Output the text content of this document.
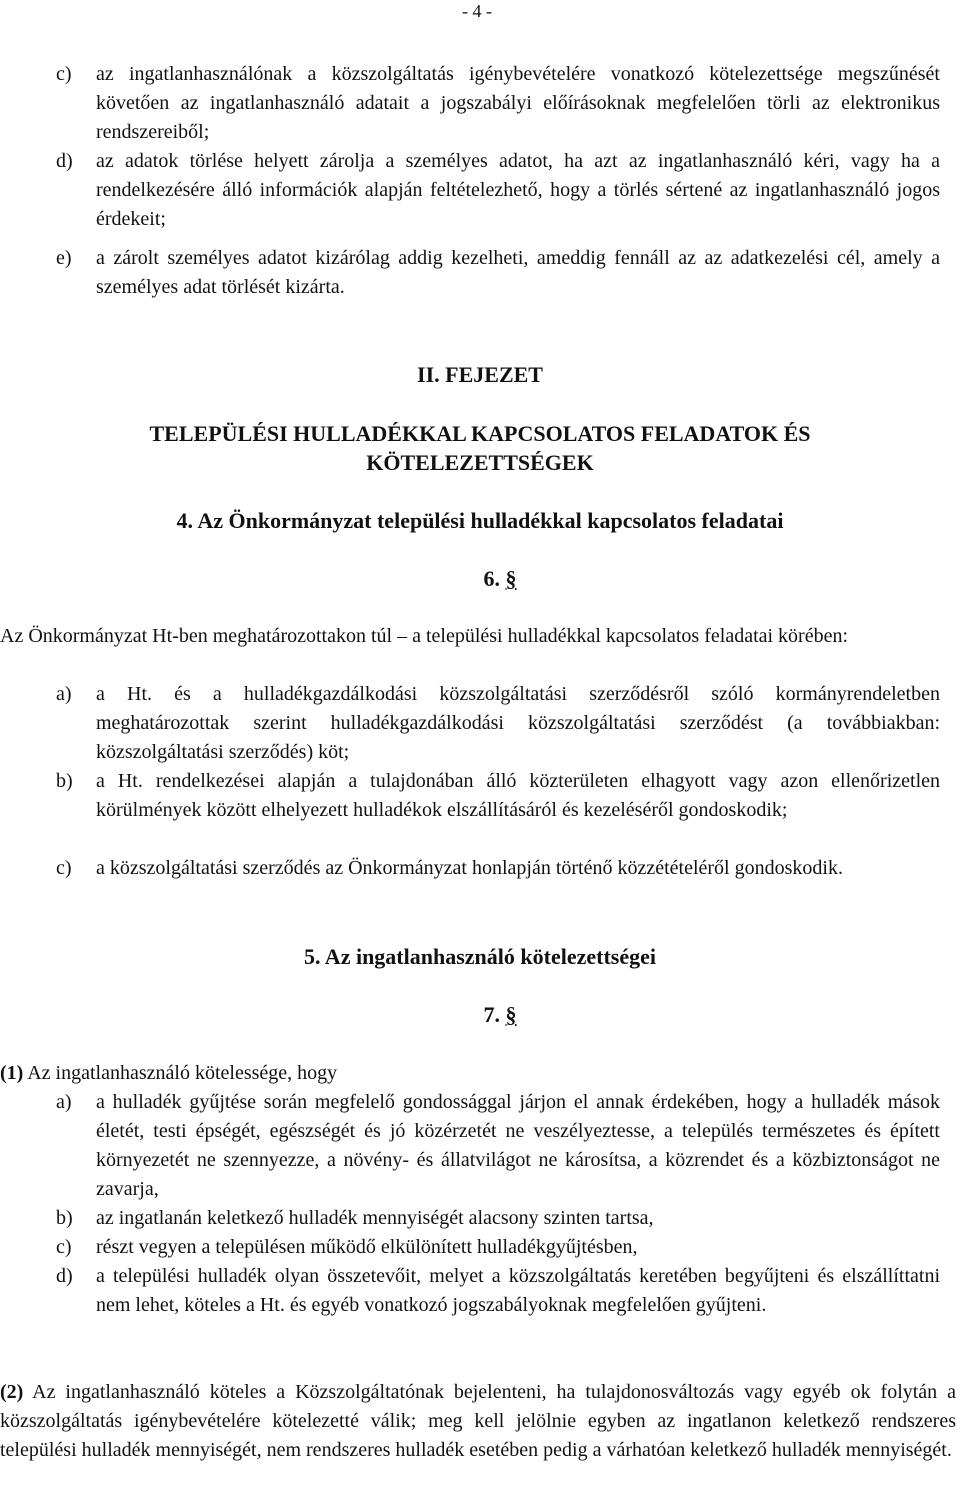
- 4 -
c)	az ingatlanhasználónak a közszolgáltatás igénybevételére vonatkozó kötelezettsége megszűnését követően az ingatlanhasználó adatait a jogszabályi előírásoknak megfelelően törli az elektronikus rendszereiből;
d)	az adatok törlése helyett zárolja a személyes adatot, ha azt az ingatlanhasználó kéri, vagy ha a rendelkezésére álló információk alapján feltételezhető, hogy a törlés sértené az ingatlanhasználó jogos érdekeit;
e)	a zárolt személyes adatot kizárólag addig kezelheti, ameddig fennáll az az adatkezelési cél, amely a személyes adat törlését kizárta.
II. FEJEZET
TELEPÜLÉSI HULLADÉKKAL KAPCSOLATOS FELADATOK ÉS
KÖTELEZETTSÉGEK
4. Az Önkormányzat települési hulladékkal kapcsolatos feladatai
6. §
Az Önkormányzat Ht-ben meghatározottakon túl – a települési hulladékkal kapcsolatos feladatai körében:
a) a Ht. és a hulladékgazdálkodási közszolgáltatási szerződésről szóló kormányrendeletben meghatározottak szerint hulladékgazdálkodási közszolgáltatási szerződést (a továbbiakban: közszolgáltatási szerződés) köt;
b) a Ht. rendelkezései alapján a tulajdonában álló közterületen elhagyott vagy azon ellenőrizetlen körülmények között elhelyezett hulladékok elszállításáról és kezeléséről gondoskodik;
c) a közszolgáltatási szerződés az Önkormányzat honlapján történő közzétételéről gondoskodik.
5. Az ingatlanhasználó kötelezettségei
7. §
(1) Az ingatlanhasználó kötelessége, hogy
a) a hulladék gyűjtése során megfelelő gondossággal járjon el annak érdekében, hogy a hulladék mások életét, testi épségét, egészségét és jó közérzetét ne veszélyeztesse, a település természetes és épített környezetét ne szennyezze, a növény- és állatvilágot ne károsítsa, a közrendet és a közbiztonságot ne zavarja,
b) az ingatlanán keletkező hulladék mennyiségét alacsony szinten tartsa,
c) részt vegyen a településen működő elkülönített hulladékgyűjtésben,
d) a települési hulladék olyan összetevőit, melyet a közszolgáltatás keretében begyűjteni és elszállíttatni nem lehet, köteles a Ht. és egyéb vonatkozó jogszabályoknak megfelelően gyűjteni.
(2) Az ingatlanhasználó köteles a Közszolgáltatónak bejelenteni, ha tulajdonosváltozás vagy egyéb ok folytán a közszolgáltatás igénybevételére kötelezetté válik; meg kell jelölnie egyben az ingatlanon keletkező rendszeres települési hulladék mennyiségét, nem rendszeres hulladék esetében pedig a várhatóan keletkező hulladék mennyiségét.
